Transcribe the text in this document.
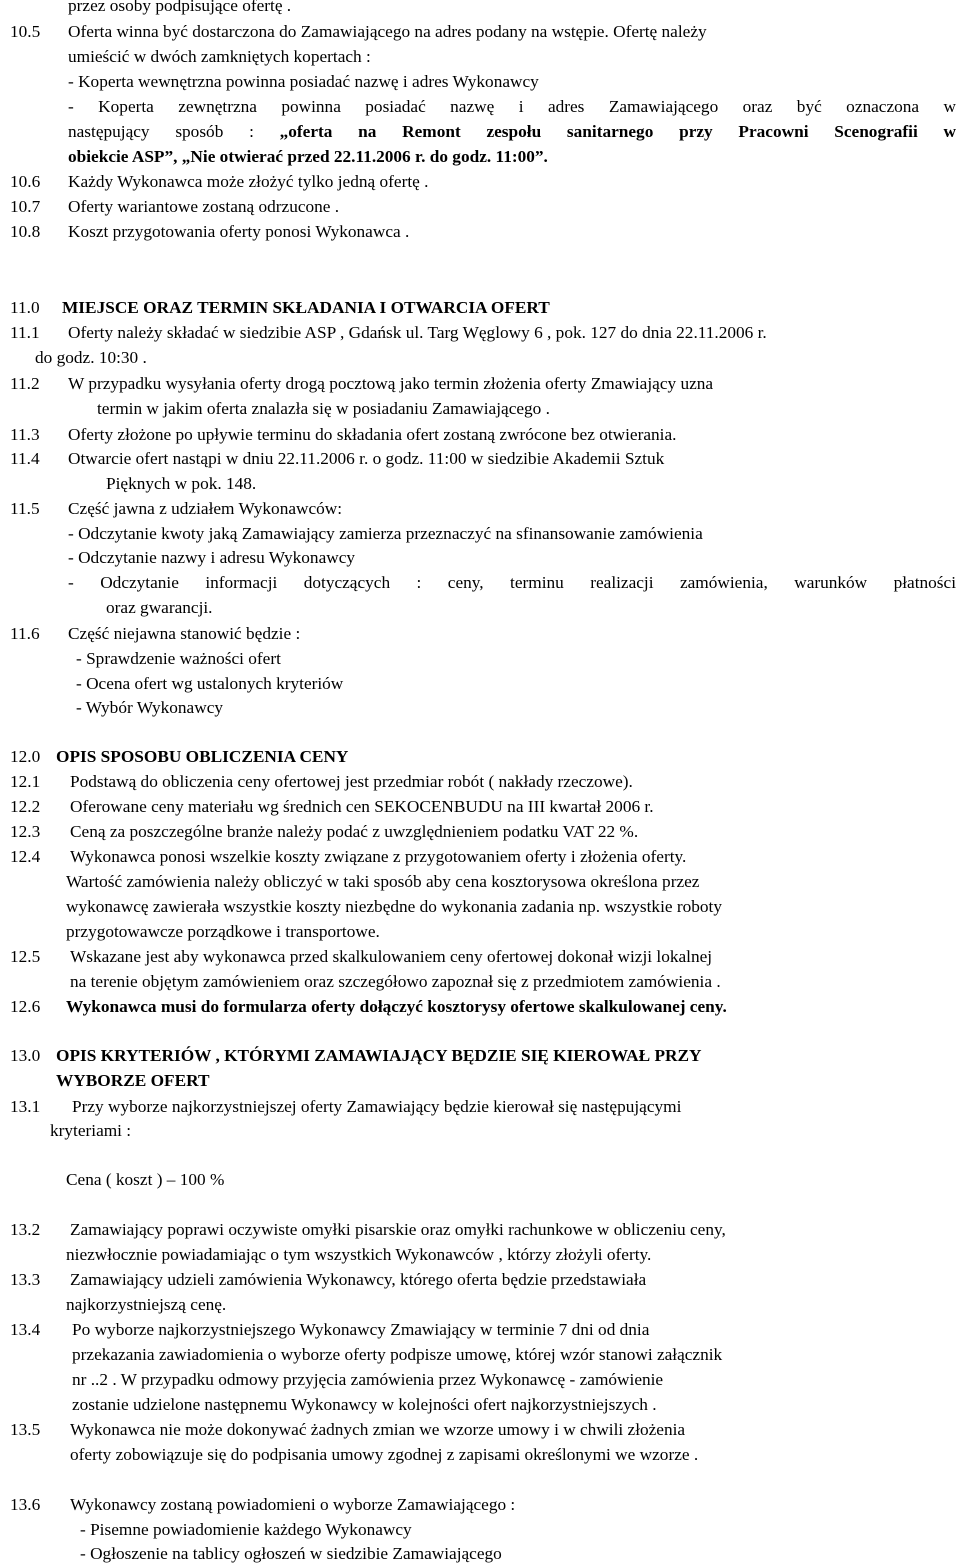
przez osoby podpisujące ofertę .
10.5 Oferta winna być dostarczona do Zamawiającego na adres podany na wstępie. Ofertę należy
umieścić w dwóch zamkniętych kopertach :
- Koperta wewnętrzna powinna posiadać nazwę i adres Wykonawcy
- Koperta zewnętrzna powinna posiadać nazwę i adres Zamawiającego oraz być oznaczona w
następujący sposób : „oferta na Remont zespołu sanitarnego przy Pracowni Scenografii w
obiekcie ASP”, „Nie otwierać przed 22.11.2006 r. do godz. 11:00”.
10.6 Każdy Wykonawca może złożyć tylko jedną ofertę .
10.7 Oferty wariantowe zostaną odrzucone .
10.8 Koszt przygotowania oferty ponosi Wykonawca .
11.0 MIEJSCE ORAZ TERMIN SKŁADANIA I OTWARCIA OFERT
11.1 Oferty należy składać w siedzibie ASP , Gdańsk ul. Targ Węglowy 6 , pok. 127 do dnia 22.11.2006 r.
do godz. 10:30 .
11.2 W przypadku wysyłania oferty drogą pocztową jako termin złożenia oferty Zmawiający uzna
termin w jakim oferta znalazła się w posiadaniu Zamawiającego .
11.3 Oferty złożone po upływie terminu do składania ofert zostaną zwrócone bez otwierania.
11.4 Otwarcie ofert nastąpi w dniu 22.11.2006 r. o godz. 11:00 w siedzibie Akademii Sztuk
Pięknych w pok. 148.
11.5 Część jawna z udziałem Wykonawców:
- Odczytanie kwoty jaką Zamawiający zamierza przeznaczyć na sfinansowanie zamówienia
- Odczytanie nazwy i adresu Wykonawcy
- Odczytanie informacji dotyczących : ceny, terminu realizacji zamówienia, warunków płatności
oraz gwarancji.
11.6 Część niejawna stanowić będzie :
- Sprawdzenie ważności ofert
- Ocena ofert wg ustalonych kryteriów
- Wybór Wykonawcy
12.0 OPIS SPOSOBU OBLICZENIA CENY
12.1 Podstawą do obliczenia ceny ofertowej jest przedmiar robót ( nakłady rzeczowe).
12.2 Oferowane ceny materiału wg średnich cen SEKOCENBUDU na III kwartał 2006 r.
12.3 Ceną za poszczególne branże należy podać z uwzględnieniem podatku VAT 22 %.
12.4 Wykonawca ponosi wszelkie koszty związane z przygotowaniem oferty i złożenia oferty.
Wartość zamówienia należy obliczyć w taki sposób aby cena kosztorysowa określona przez
wykonawcę zawierała wszystkie koszty niezbędne do wykonania zadania np. wszystkie roboty
przygotowawcze porządkowe i transportowe.
12.5 Wskazane jest aby wykonawca przed skalkulowaniem ceny ofertowej dokonał wizji lokalnej
na terenie objętym zamówieniem oraz szczegółowo zapoznał się z przedmiotem zamówienia .
12.6 Wykonawca musi do formularza oferty dołączyć kosztorysy ofertowe skalkulowanej ceny.
13.0 OPIS KRYTERIÓW , KTÓRYMI ZAMAWIAJĄCY BĘDZIE SIĘ KIEROWAŁ PRZY
WYBORZE OFERT
13.1 Przy wyborze najkorzystniejszej oferty Zamawiający będzie kierował się następującymi
kryteriami :
Cena ( koszt ) – 100 %
13.2 Zamawiający poprawi oczywiste omyłki pisarskie oraz omyłki rachunkowe w obliczeniu ceny,
niezwłocznie powiadamiając o tym wszystkich Wykonawców , którzy złożyli oferty.
13.3 Zamawiający udzieli zamówienia Wykonawcy, którego oferta będzie przedstawiała
najkorzystniejszą cenę.
13.4 Po wyborze najkorzystniejszego Wykonawcy Zmawiający w terminie 7 dni od dnia
przekazania zawiadomienia o wyborze oferty podpisze umowę, której wzór stanowi załącznik
nr ..2 . W przypadku odmowy przyjęcia zamówienia przez Wykonawcę - zamówienie
zostanie udzielone następnemu Wykonawcy w kolejności ofert najkorzystniejszych .
13.5 Wykonawca nie może dokonywać żadnych zmian we wzorze umowy i w chwili złożenia
oferty zobowiązuje się do podpisania umowy zgodnej z zapisami określonymi we wzorze .
13.6 Wykonawcy zostaną powiadomieni o wyborze Zamawiającego :
- Pisemne powiadomienie każdego Wykonawcy
- Ogłoszenie na tablicy ogłoszeń w siedzibie Zamawiającego
